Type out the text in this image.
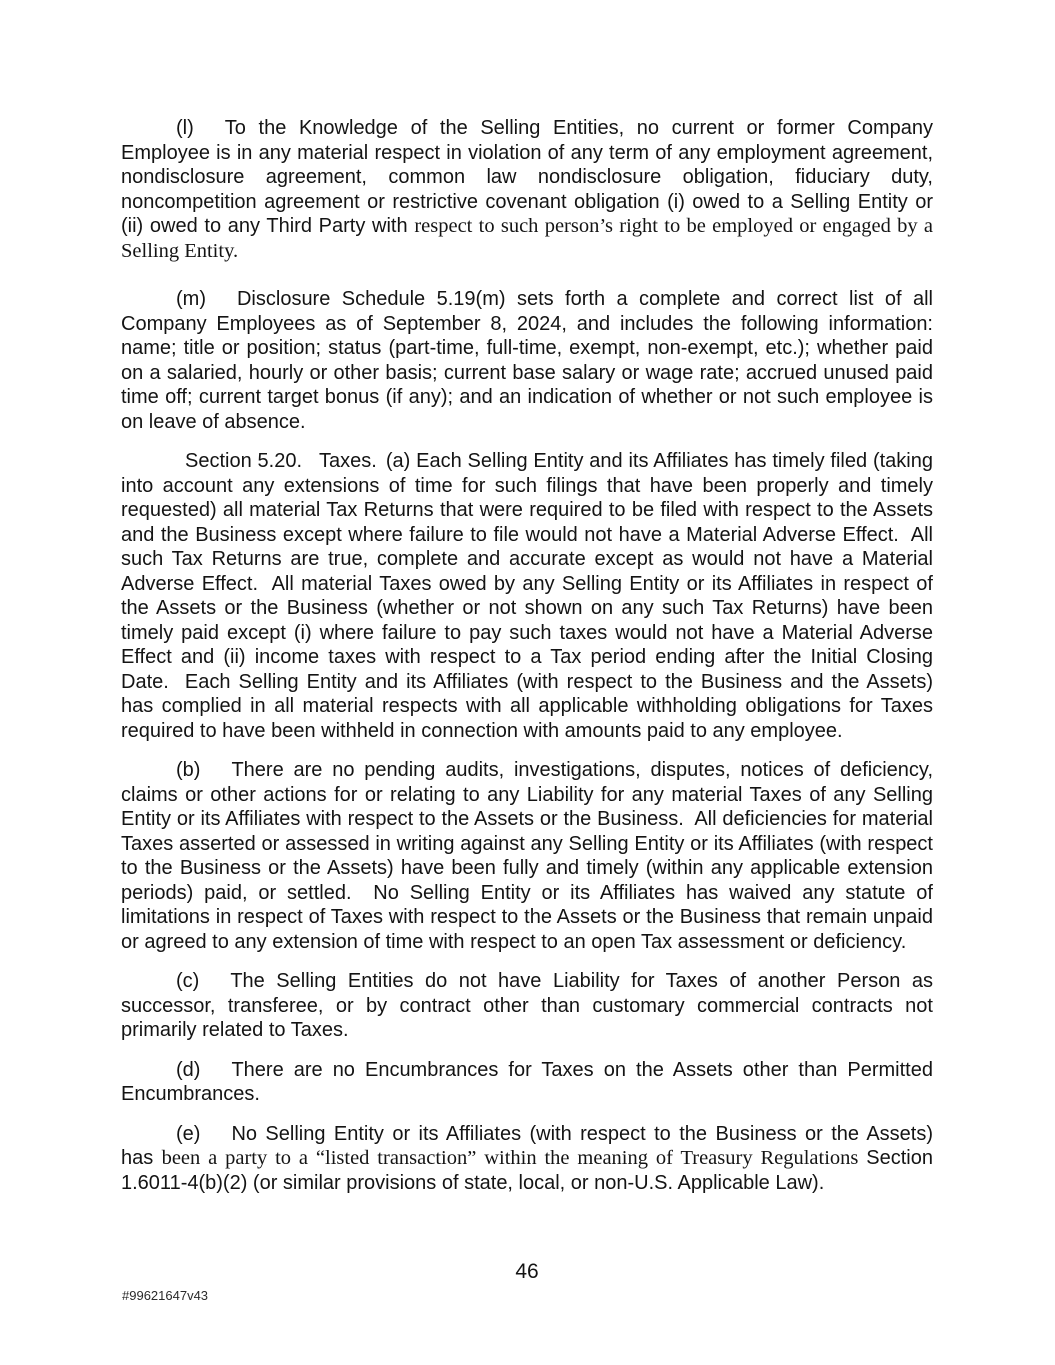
(l) To the Knowledge of the Selling Entities, no current or former Company Employee is in any material respect in violation of any term of any employment agreement, nondisclosure agreement, common law nondisclosure obligation, fiduciary duty, noncompetition agreement or restrictive covenant obligation (i) owed to a Selling Entity or (ii) owed to any Third Party with respect to such person’s right to be employed or engaged by a Selling Entity.

(m) Disclosure Schedule 5.19(m) sets forth a complete and correct list of all Company Employees as of September 8, 2024, and includes the following information: name; title or position; status (part-time, full-time, exempt, non-exempt, etc.); whether paid on a salaried, hourly or other basis; current base salary or wage rate; accrued unused paid time off; current target bonus (if any); and an indication of whether or not such employee is on leave of absence.

Section 5.20. Taxes. (a) Each Selling Entity and its Affiliates has timely filed (taking into account any extensions of time for such filings that have been properly and timely requested) all material Tax Returns that were required to be filed with respect to the Assets and the Business except where failure to file would not have a Material Adverse Effect.  All such Tax Returns are true, complete and accurate except as would not have a Material Adverse Effect.  All material Taxes owed by any Selling Entity or its Affiliates in respect of the Assets or the Business (whether or not shown on any such Tax Returns) have been timely paid except (i) where failure to pay such taxes would not have a Material Adverse Effect and (ii) income taxes with respect to a Tax period ending after the Initial Closing Date.  Each Selling Entity and its Affiliates (with respect to the Business and the Assets) has complied in all material respects with all applicable withholding obligations for Taxes required to have been withheld in connection with amounts paid to any employee.

(b) There are no pending audits, investigations, disputes, notices of deficiency, claims or other actions for or relating to any Liability for any material Taxes of any Selling Entity or its Affiliates with respect to the Assets or the Business.  All deficiencies for material Taxes asserted or assessed in writing against any Selling Entity or its Affiliates (with respect to the Business or the Assets) have been fully and timely (within any applicable extension periods) paid, or settled.  No Selling Entity or its Affiliates has waived any statute of limitations in respect of Taxes with respect to the Assets or the Business that remain unpaid or agreed to any extension of time with respect to an open Tax assessment or deficiency.

(c) The Selling Entities do not have Liability for Taxes of another Person as successor, transferee, or by contract other than customary commercial contracts not primarily related to Taxes.

(d) There are no Encumbrances for Taxes on the Assets other than Permitted Encumbrances.

(e) No Selling Entity or its Affiliates (with respect to the Business or the Assets) has been a party to a “listed transaction” within the meaning of Treasury Regulations Section 1.6011-4(b)(2) (or similar provisions of state, local, or non-U.S. Applicable Law).

46
#99621647v43
